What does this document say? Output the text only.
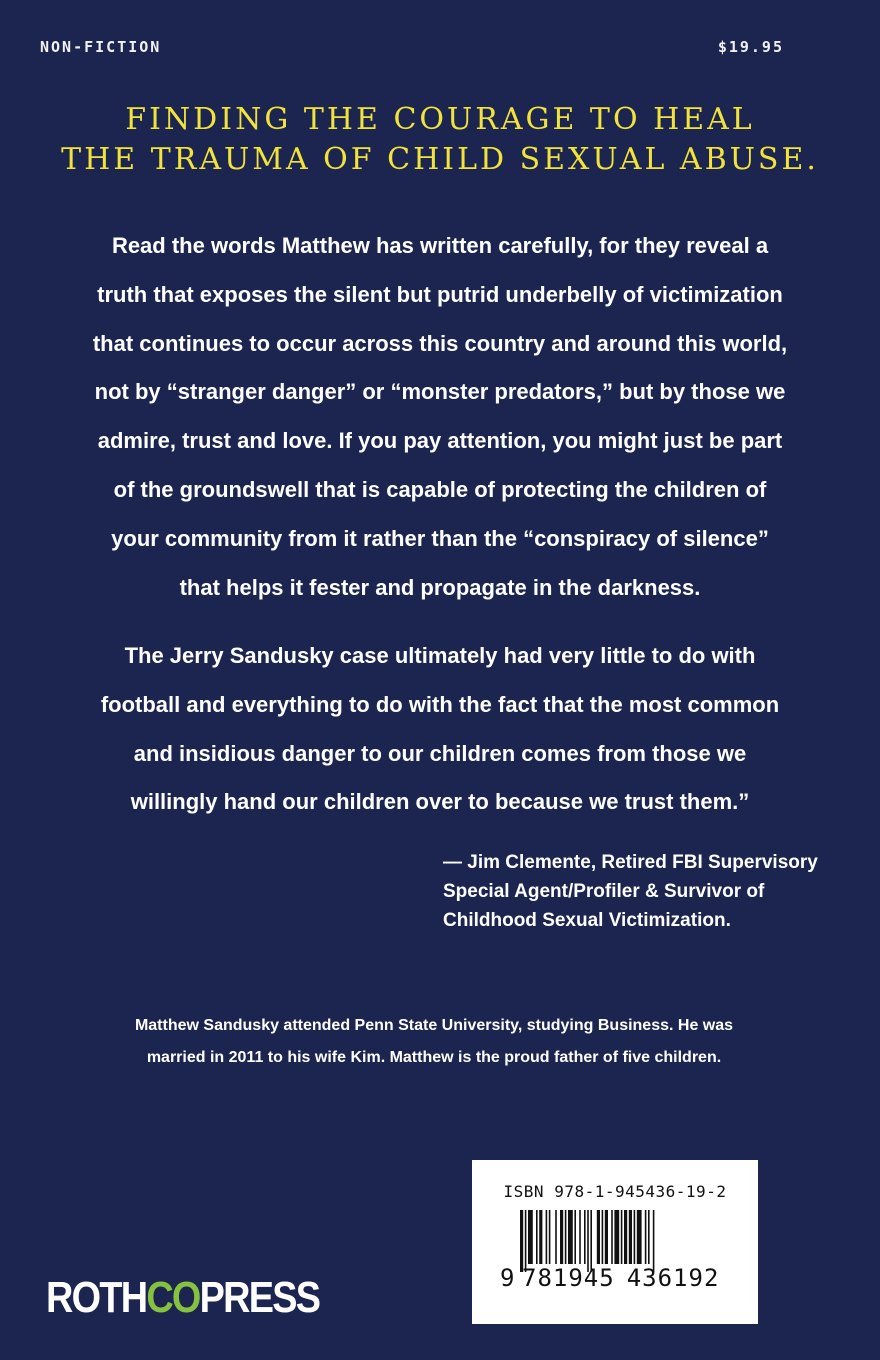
NON-FICTION	$19.95
FINDING THE COURAGE TO HEAL
THE TRAUMA OF CHILD SEXUAL ABUSE.
Read the words Matthew has written carefully, for they reveal a
truth that exposes the silent but putrid underbelly of victimization
that continues to occur across this country and around this world,
not by “stranger danger” or “monster predators,” but by those we
admire, trust and love. If you pay attention, you might just be part
of the groundswell that is capable of protecting the children of
your community from it rather than the “conspiracy of silence”
that helps it fester and propagate in the darkness.
The Jerry Sandusky case ultimately had very little to do with
football and everything to do with the fact that the most common
and insidious danger to our children comes from those we
willingly hand our children over to because we trust them.”
— Jim Clemente, Retired FBI Supervisory
Special Agent/Profiler & Survivor of
Childhood Sexual Victimization.
Matthew Sandusky attended Penn State University, studying Business. He was
married in 2011 to his wife Kim. Matthew is the proud father of five children.
ROTHCOPRESS
ISBN 978-1-945436-19-2
9 781945 436192
